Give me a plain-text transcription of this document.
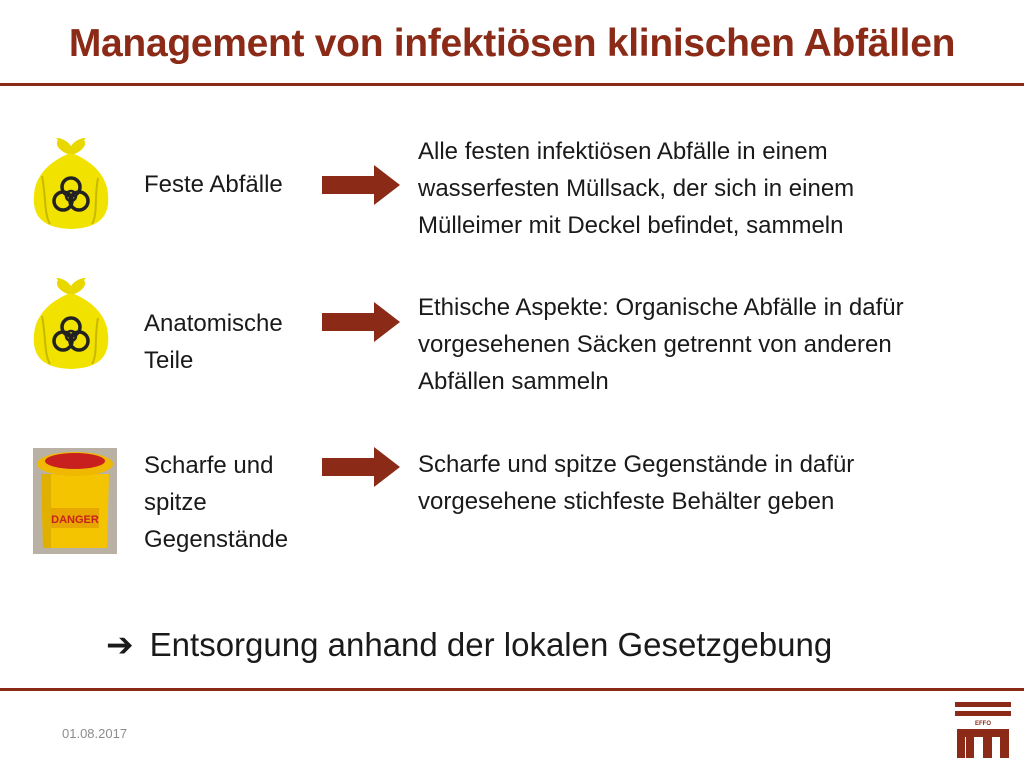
Management von infektiösen klinischen Abfällen
Feste Abfälle
Alle festen infektiösen Abfälle in einem
wasserfesten Müllsack, der sich in einem
Mülleimer mit Deckel befindet, sammeln
Anatomische
Teile
Ethische Aspekte: Organische Abfälle in dafür
vorgesehenen Säcken getrennt von anderen
Abfällen sammeln
DANGER
Scharfe und
spitze
Gegenstände
Scharfe und spitze Gegenstände in dafür
vorgesehene stichfeste Behälter geben
➔ Entsorgung anhand der lokalen Gesetzgebung
01.08.2017
EFFO
